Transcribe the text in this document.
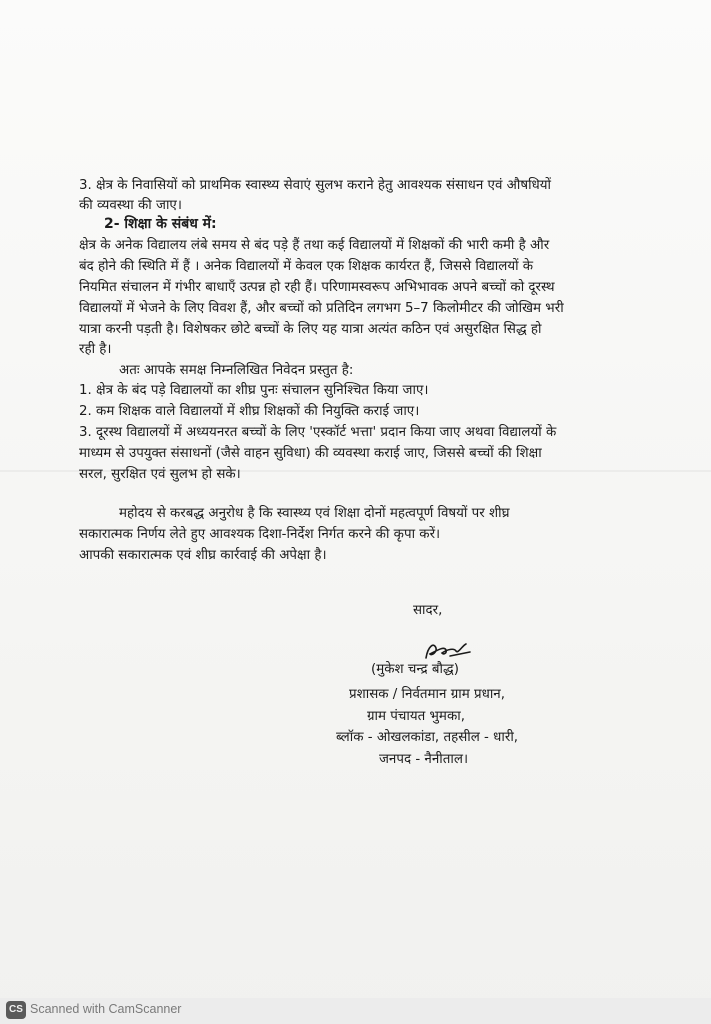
3. क्षेत्र के निवासियों को प्राथमिक स्वास्थ्य सेवाएं सुलभ कराने हेतु आवश्यक संसाधन एवं औषधियों
की व्यवस्था की जाए।
2- शिक्षा के संबंध में:
क्षेत्र के अनेक विद्यालय लंबे समय से बंद पड़े हैं तथा कई विद्यालयों में शिक्षकों की भारी कमी है और
बंद होने की स्थिति में हैं । अनेक विद्यालयों में केवल एक शिक्षक कार्यरत हैं, जिससे विद्यालयों के
नियमित संचालन में गंभीर बाधाएँ उत्पन्न हो रही हैं। परिणामस्वरूप अभिभावक अपने बच्चों को दूरस्थ
विद्यालयों में भेजने के लिए विवश हैं, और बच्चों को प्रतिदिन लगभग 5–7 किलोमीटर की जोखिम भरी
यात्रा करनी पड़ती है। विशेषकर छोटे बच्चों के लिए यह यात्रा अत्यंत कठिन एवं असुरक्षित सिद्ध हो
रही है।
अतः आपके समक्ष निम्नलिखित निवेदन प्रस्तुत है:
1. क्षेत्र के बंद पड़े विद्यालयों का शीघ्र पुनः संचालन सुनिश्चित किया जाए।
2. कम शिक्षक वाले विद्यालयों में शीघ्र शिक्षकों की नियुक्ति कराई जाए।
3. दूरस्थ विद्यालयों में अध्ययनरत बच्चों के लिए 'एस्कॉर्ट भत्ता' प्रदान किया जाए अथवा विद्यालयों के
माध्यम से उपयुक्त संसाधनों (जैसे वाहन सुविधा) की व्यवस्था कराई जाए, जिससे बच्चों की शिक्षा
सरल, सुरक्षित एवं सुलभ हो सके।
महोदय से करबद्ध अनुरोध है कि स्वास्थ्य एवं शिक्षा दोनों महत्वपूर्ण विषयों पर शीघ्र
सकारात्मक निर्णय लेते हुए आवश्यक दिशा-निर्देश निर्गत करने की कृपा करें।
आपकी सकारात्मक एवं शीघ्र कार्रवाई की अपेक्षा है।
सादर,
(मुकेश चन्द्र बौद्ध)
प्रशासक / निर्वतमान ग्राम प्रधान,
ग्राम पंचायत भुमका,
ब्लॉक - ओखलकांडा, तहसील - धारी,
जनपद - नैनीताल।
CS Scanned with CamScanner
